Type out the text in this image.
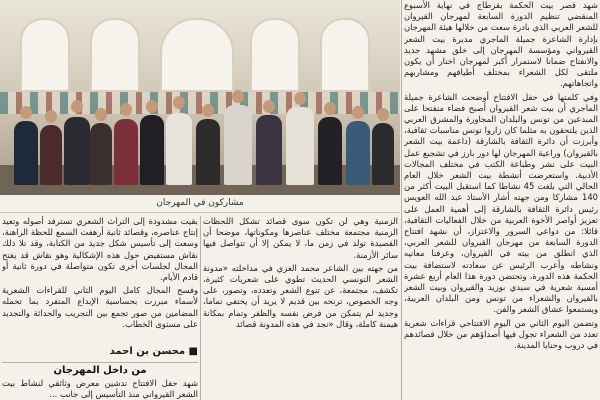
مشاركون في المهرجان

شهد قصر بيت الحكمة بقرطاج في نهاية الأسبوع المنقضي تنظيم الدورة السابعة لمهرجان القيروان للشعر العربي الذي بادرة سعت من خلالها هيئة المهرجان بإدارة الشاعرة جميلة الماجري مديرة بيت الشعر القيرواني ومؤسسة المهرجان إلى خلق مشهد جديد والانفتاح ضمانا لاستمرار أكبر لمهرجان اختار أن يكون ملتقى لكل الشعراء بمختلف أطيافهم ومشاربهم واتجاهاتهم.

وفي كلمتها في حفل الافتتاح أوضحت الشاعرة جميلة الماجري أن بيت شعر القيروان أصبح فضاء منفتحا على المبدعين من تونس والبلدان المجاورة والمشرق العربي الذين يلتحقون به مثلما كان زاروا تونس مناسبات ثقافية، وأبرزت أن دائرة الثقافة بالشارقة (داعمة بيت الشعر بالقيروان) وراعية المهرجان لها دور بارز في تشجيع عمل البيت على نشر وطباعة الكتب في مختلف المجالات الأدبية. واستعرضت أنشطة بيت الشعر خلال العام الحالي التي بلغت 45 نشاطا كما استقبل البيت أكثر من 140 مشاركا ومن جهته أشار الأستاذ عبد الله العويس رئيس دائرة الثقافة بالشارقة إلى أهمية العمل على تعزيز أواصر الأخوة العربية من خلال الفعاليات الثقافية، قائلا: من دواعي السرور والاعتزاز، أن نشهد افتتاح الدورة السابعة من مهرجان القيروان للشعر العربي، الذي انطلق من بيته في القيروان، وعرفنا معانيه ونشاطه وأعرب الرئيس عن سعادته لاستضافة بيت الحكمة هذه الدورة، وتحتضن دورة هذا العام أربع عشرة أمسية شعرية في سيدي بوزيد والقيروان وبيت الشعر بالقيروان والشعراء من تونس ومن البلدان العربية، ويستمعوا عشاق الشعر والفن.

وتضمن اليوم الثاني من اليوم الافتتاحي قراءات شعرية تعدد من الشعراء تجول فيها أصداؤهم من خلال قصائدهم في دروب وحنايا المدينة.

الزمنية وهي لن تكون سوى قصائد تشكل اللحظات الزمنية مجتمعة مختلف عناصرها ومكوناتها، موضحا أن القصيدة تولد في زمن ما، لا يمكن إلا أن تتواصل فيها سائر الأزمنة.

من جهته بين الشاعر محمد الغزي في مداخلته «مدونة الشعر التونسي الحديث تطوي على شعريات كثيرة، تكشف، مجتمعة، عن تنوع الشعر وتعدده، وتصور، على وجه الخصوص، ترنحه بين قديم لا يريد أن يختفي تماما، وجديد لم يتمكن من فرض نفسه والظفر وتمام بمكانة هيمنة كاملة، وقال «نجد في هذه المدونة قصائد

بقيت مشدودة إلى التراث الشعري تسترفد أصوله وتعيد إنتاج عناصره، وقصائد ثانية أرهفت السمع للحظة الراهنة، وسعت إلى تأسيس شكل جديد من الكتابة، وقد تلا ذلك نقاش مستفيض حول هذه الإشكالية وهو نقاش قد يفتح المجال لجلسات أخرى تكون متواصلة في دورة ثانية أو قادم الأيام.

وفسح المجال كامل اليوم الثاني للقراءات الشعرية لأسماء مبرزت بحساسية الإبداع المتفرد بما تحمله المضامين من صور تجمع بين التجريب والحداثة والتجديد على مستوى الخطاب.

■ محسن بن احمد
من داخل المهرجان
شهد حفل الافتتاح تدشين معرض وثائقي لنشاط بيت الشعر القيرواني منذ التأسيس إلى جانب ...
